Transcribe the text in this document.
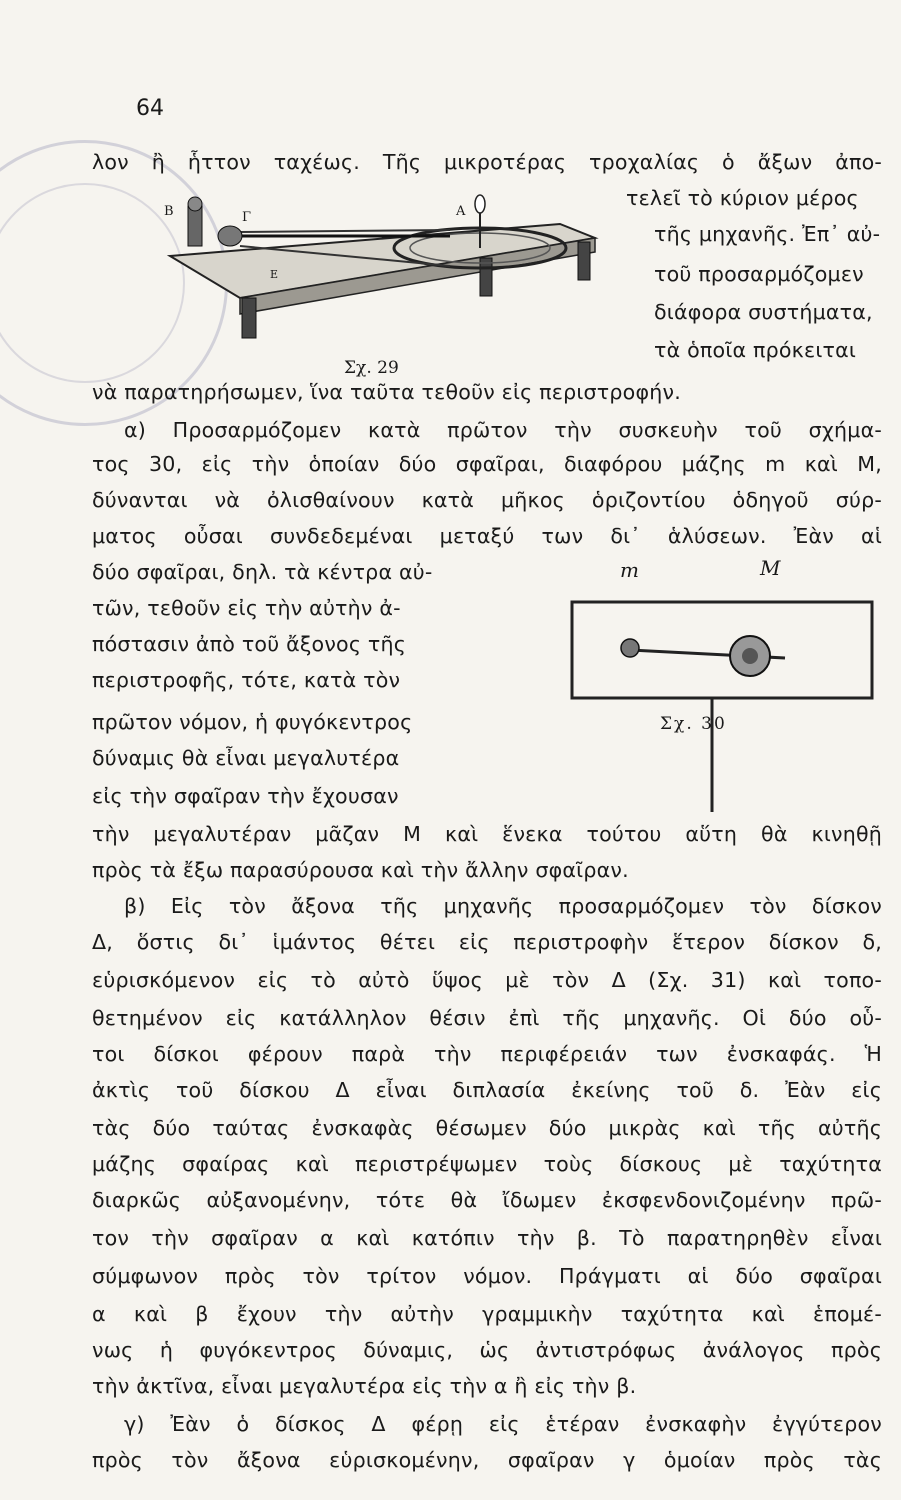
64
Β	Γ	Α
Ε
Σχ. 29
m	M
Σχ. 30
λον ἢ ἧττον ταχέως. Τῆς μικροτέρας τροχαλίας ὁ ἄξων ἀπο-
τελεῖ τὸ κύριον μέρος
τῆς μηχανῆς. Ἐπ᾽ αὐ-
τοῦ προσαρμόζομεν
διάφορα συστήματα,
τὰ ὁποῖα πρόκειται
νὰ παρατηρήσωμεν, ἵνα ταῦτα τεθοῦν εἰς περιστροφήν.
α) Προσαρμόζομεν κατὰ πρῶτον τὴν συσκευὴν τοῦ σχήμα-
τος 30, εἰς τὴν ὁποίαν δύο σφαῖραι, διαφόρου μάζης m καὶ M,
δύνανται νὰ ὀλισθαίνουν κατὰ μῆκος ὁριζοντίου ὁδηγοῦ σύρ-
ματος οὖσαι συνδεδεμέναι μεταξύ των δι᾽ ἁλύσεων. Ἐὰν αἱ
δύο σφαῖραι, δηλ. τὰ κέντρα αὐ-
τῶν, τεθοῦν εἰς τὴν αὐτὴν ἀ-
πόστασιν ἀπὸ τοῦ ἄξονος τῆς
περιστροφῆς, τότε, κατὰ τὸν
πρῶτον νόμον, ἡ φυγόκεντρος
δύναμις θὰ εἶναι μεγαλυτέρα
εἰς τὴν σφαῖραν τὴν ἔχουσαν
τὴν μεγαλυτέραν μᾶζαν M καὶ ἕνεκα τούτου αὕτη θὰ κινηθῇ
πρὸς τὰ ἔξω παρασύρουσα καὶ τὴν ἄλλην σφαῖραν.
β) Εἰς τὸν ἄξονα τῆς μηχανῆς προσαρμόζομεν τὸν δίσκον
Δ, ὅστις δι᾽ ἱμάντος θέτει εἰς περιστροφὴν ἕτερον δίσκον δ,
εὑρισκόμενον εἰς τὸ αὐτὸ ὕψος μὲ τὸν Δ (Σχ. 31) καὶ τοπο-
θετημένον εἰς κατάλληλον θέσιν ἐπὶ τῆς μηχανῆς. Οἱ δύο οὗ-
τοι δίσκοι φέρουν παρὰ τὴν περιφέρειάν των ἐνσκαφάς. Ἡ
ἀκτὶς τοῦ δίσκου Δ εἶναι διπλασία ἐκείνης τοῦ δ. Ἐὰν εἰς
τὰς δύο ταύτας ἐνσκαφὰς θέσωμεν δύο μικρὰς καὶ τῆς αὐτῆς
μάζης σφαίρας καὶ περιστρέψωμεν τοὺς δίσκους μὲ ταχύτητα
διαρκῶς αὐξανομένην, τότε θὰ ἴδωμεν ἐκσφενδονιζομένην πρῶ-
τον τὴν σφαῖραν α καὶ κατόπιν τὴν β. Τὸ παρατηρηθὲν εἶναι
σύμφωνον πρὸς τὸν τρίτον νόμον. Πράγματι αἱ δύο σφαῖραι
α καὶ β ἔχουν τὴν αὐτὴν γραμμικὴν ταχύτητα καὶ ἑπομέ-
νως ἡ φυγόκεντρος δύναμις, ὡς ἀντιστρόφως ἀνάλογος πρὸς
τὴν ἀκτῖνα, εἶναι μεγαλυτέρα εἰς τὴν α ἢ εἰς τὴν β.
γ) Ἐὰν ὁ δίσκος Δ φέρῃ εἰς ἑτέραν ἐνσκαφὴν ἐγγύτερον
πρὸς τὸν ἄξονα εὑρισκομένην, σφαῖραν γ ὁμοίαν πρὸς τὰς
